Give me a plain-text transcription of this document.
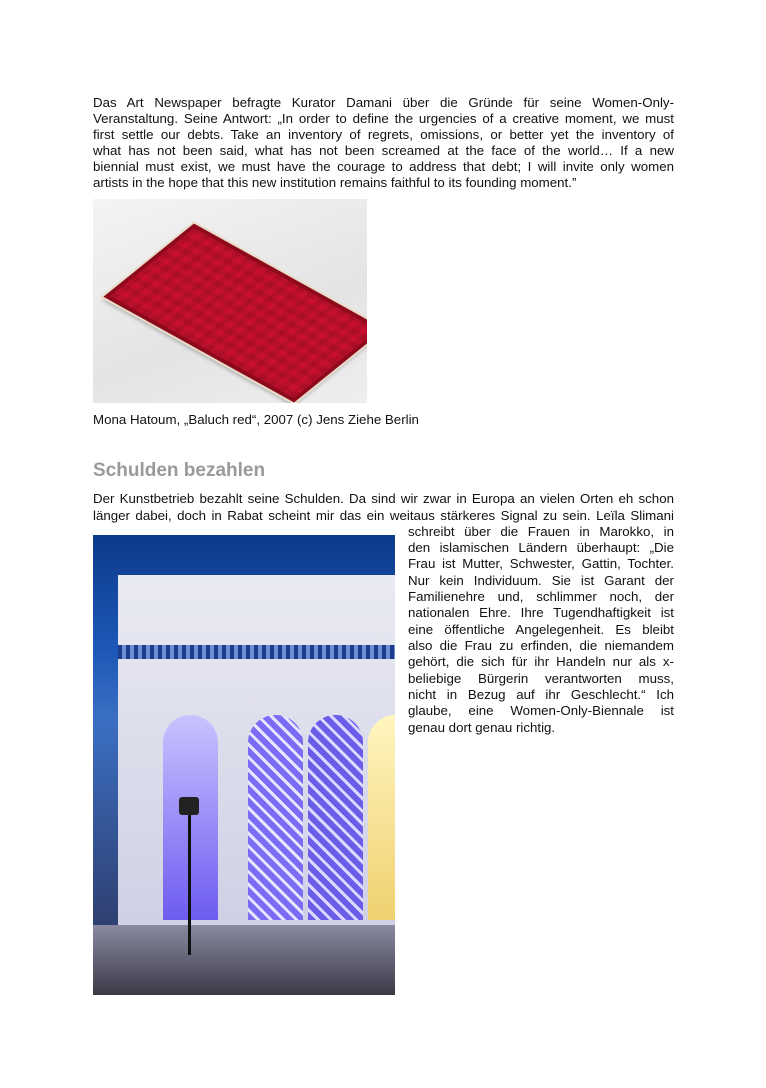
Das Art Newspaper befragte Kurator Damani über die Gründe für seine Women-Only-
Veranstaltung. Seine Antwort: „In order to define the urgencies of a creative moment, we must
first settle our debts. Take an inventory of regrets, omissions, or better yet the inventory of
what has not been said, what has not been screamed at the face of the world… If a new
biennial must exist, we must have the courage to address that debt; I will invite only women
artists in the hope that this new institution remains faithful to its founding moment.”
Mona Hatoum, „Baluch red“, 2007 (c) Jens Ziehe Berlin
Schulden bezahlen
Der Kunstbetrieb bezahlt seine Schulden. Da sind wir zwar in Europa an vielen Orten eh schon
länger dabei, doch in Rabat scheint mir das ein weitaus stärkeres Signal zu sein. Leïla Slimani
schreibt über die Frauen in Marokko, in
den islamischen Ländern überhaupt: „Die
Frau ist Mutter, Schwester, Gattin, Tochter.
Nur kein Individuum. Sie ist Garant der
Familienehre und, schlimmer noch, der
nationalen Ehre. Ihre Tugendhaftigkeit ist
eine öffentliche Angelegenheit. Es bleibt
also die Frau zu erfinden, die niemandem
gehört, die sich für ihr Handeln nur als x-
beliebige Bürgerin verantworten muss,
nicht in Bezug auf ihr Geschlecht.“ Ich
glaube, eine Women-Only-Biennale ist
genau dort genau richtig.
